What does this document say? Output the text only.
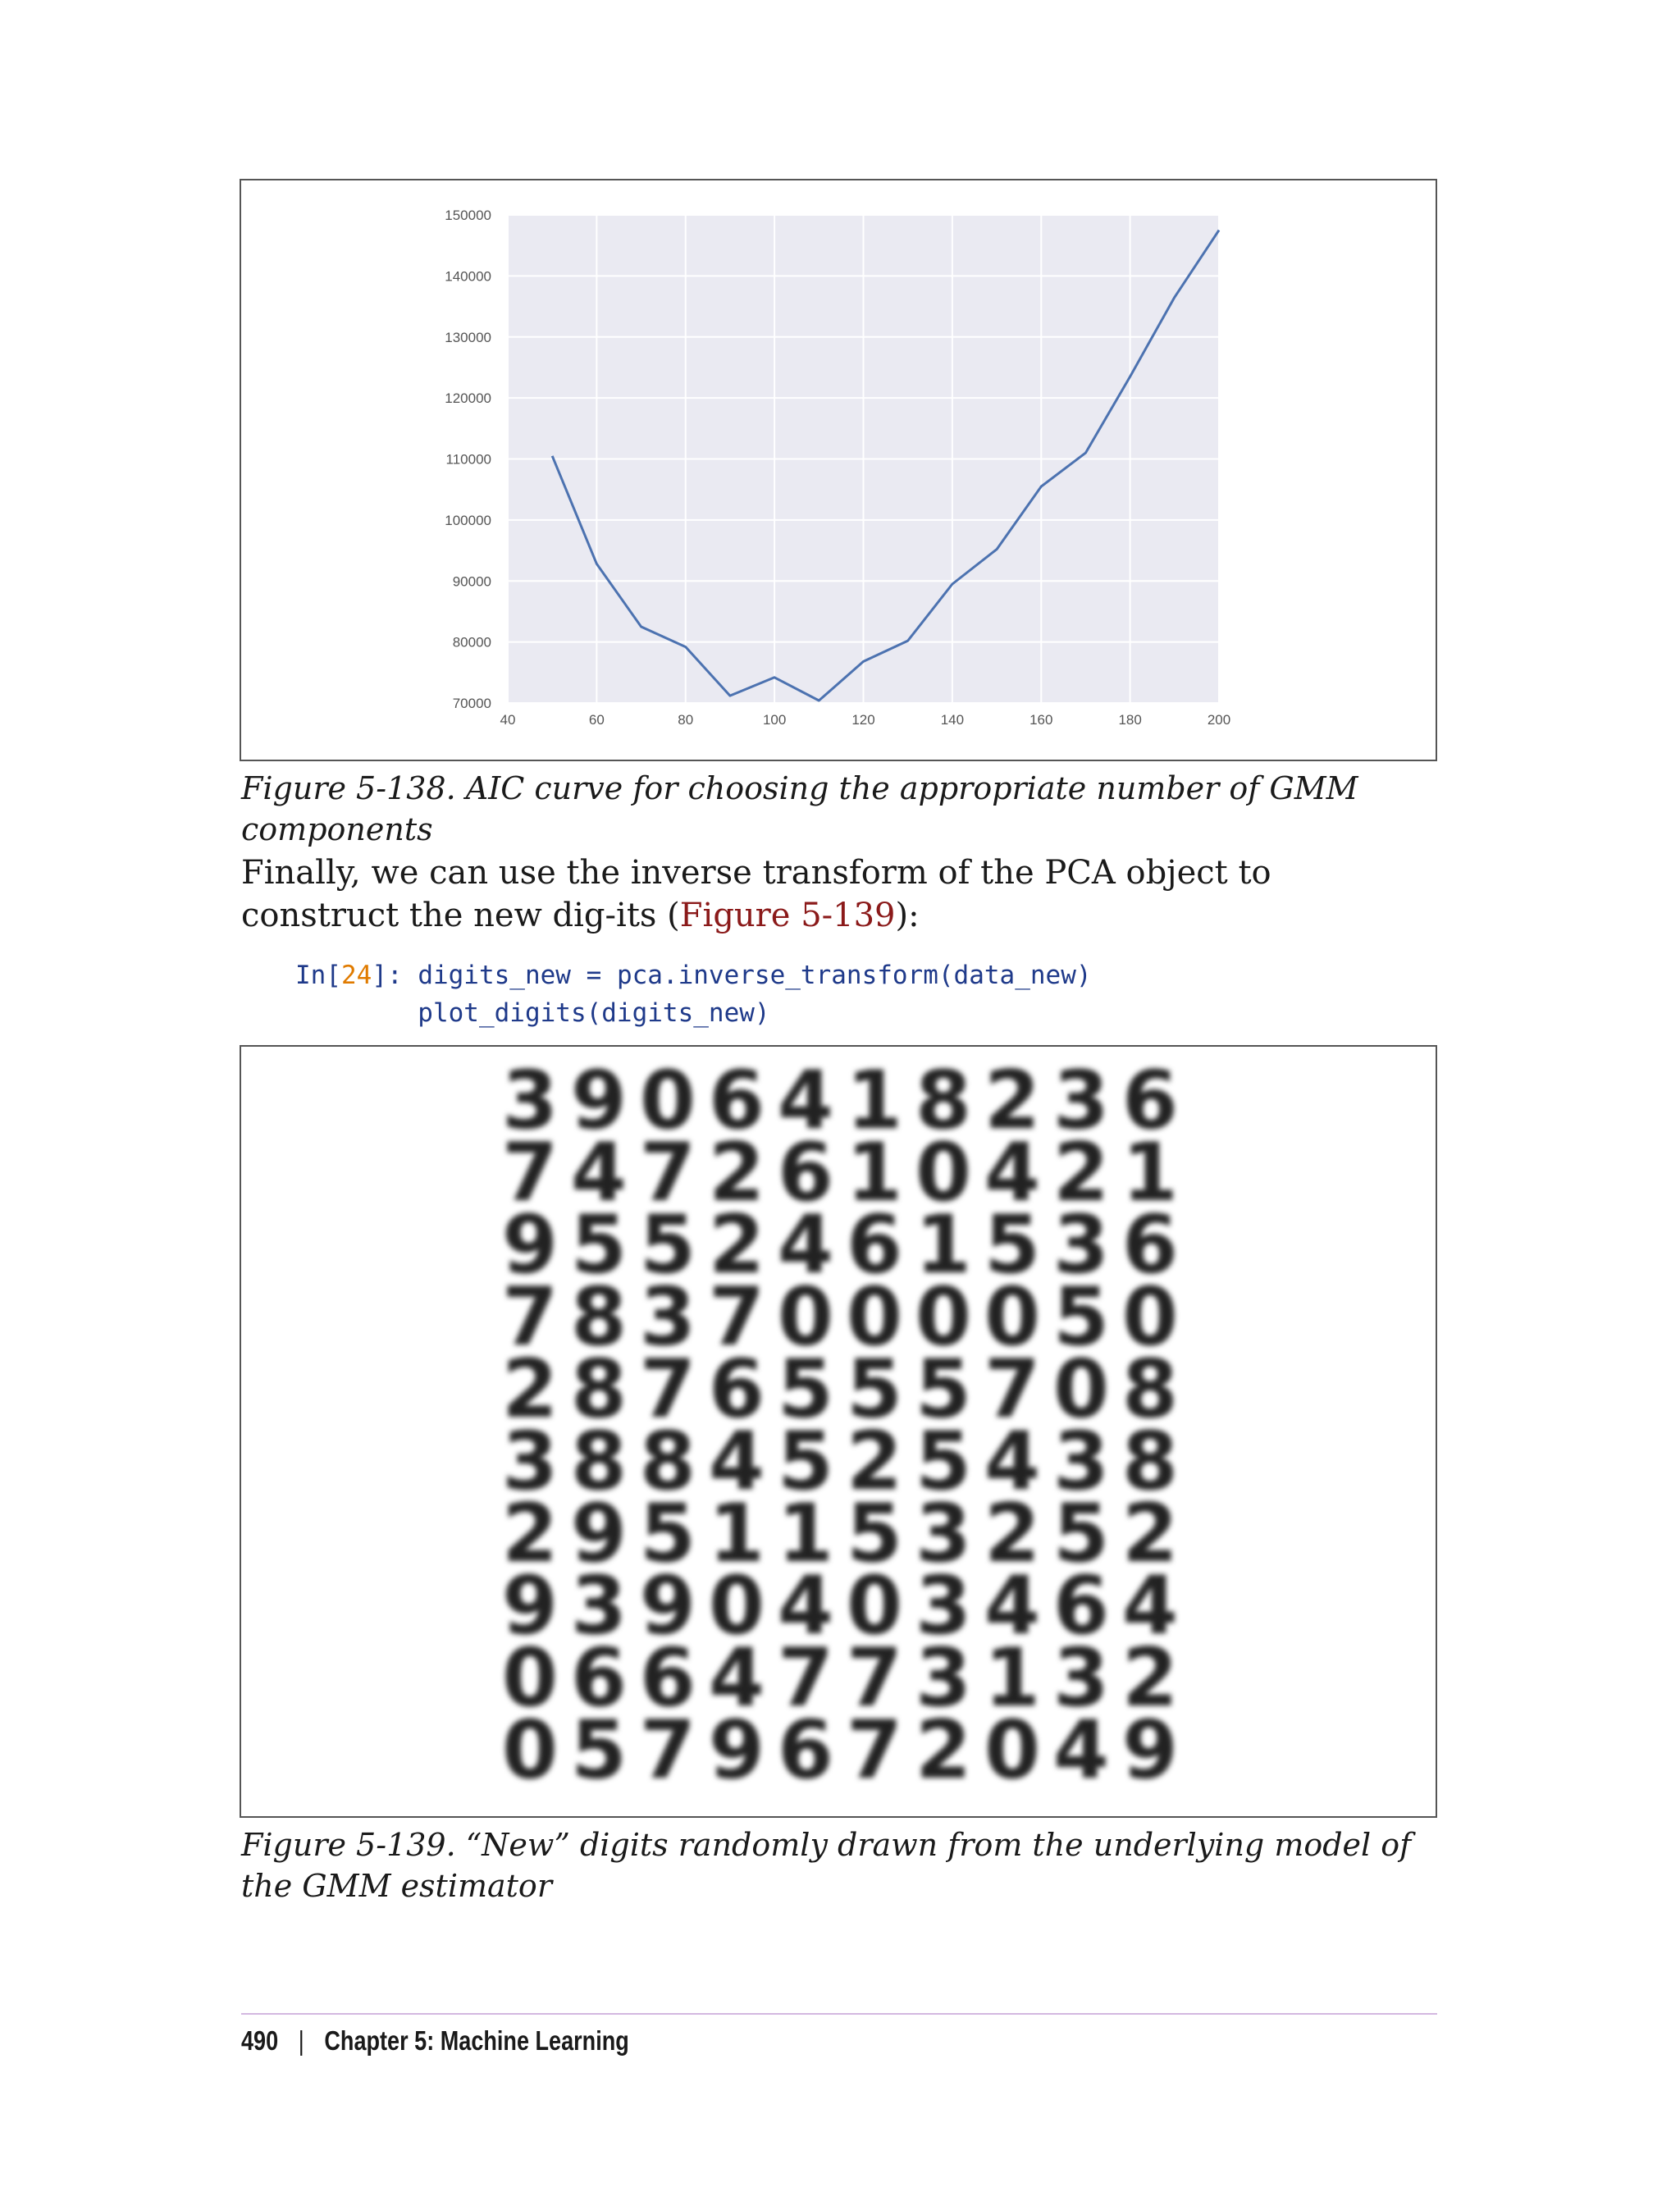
40	60	80	100	120	140	160	180	200
70000
80000
90000
100000
110000
120000
130000
140000
150000
Figure 5-138. AIC curve for choosing the appropriate number of GMM components

Finally, we can use the inverse transform of the PCA object to construct the new dig-its (Figure 5-139):

In[24]: digits_new = pca.inverse_transform(data_new)
plot_digits(digits_new)
3 9 0 6 4 1 8 2 3 6
7 4 7 2 6 1 0 4 2 1
9 5 5 2 4 6 1 5 3 6
7 8 3 7 0 0 0 0 5 0
2 8 7 6 5 5 5 7 0 8
3 8 8 4 5 2 5 4 3 8
2 9 5 1 1 5 3 2 5 2
9 3 9 0 4 0 3 4 6 4
0 6 6 4 7 7 3 1 3 2
0 5 7 9 6 7 2 0 4 9
Figure 5-139. “New” digits randomly drawn from the underlying model of the GMM estimator
490 | Chapter 5: Machine Learning
